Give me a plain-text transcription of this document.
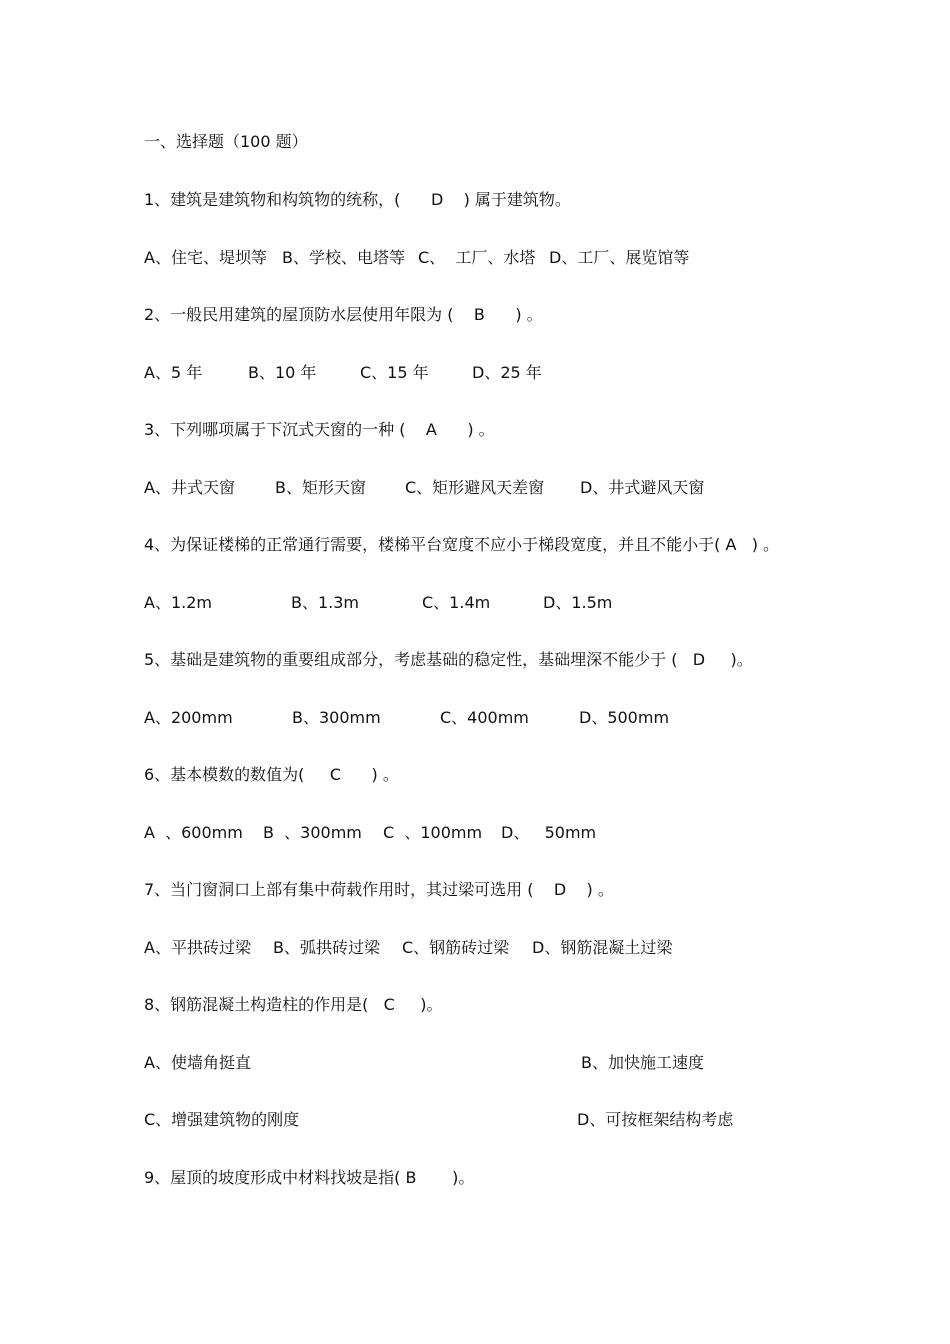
一、选择题（100 题）
1、建筑是建筑物和构筑物的统称，(      D    ) 属于建筑物。
A、住宅、堤坝等 B、学校、电塔等 C、  工厂、水塔 D、工厂、展览馆等
2、一般民用建筑的屋顶防水层使用年限为 (    B      ) 。
A、5 年	B、10 年	C、15 年	D、25 年
3、下列哪项属于下沉式天窗的一种 (    A      ) 。
A、井式天窗	B、矩形天窗 C、矩形避风天差窗 D、井式避风天窗
4、为保证楼梯的正常通行需要，楼梯平台宽度不应小于梯段宽度，并且不能小于( A   ) 。
A、1.2m	B、1.3m	C、1.4m	D、1.5m
5、基础是建筑物的重要组成部分，考虑基础的稳定性，基础埋深不能少于 (   D     )。
A、200mm	B、300mm	C、400mm	D、500mm
6、基本模数的数值为(     C      ) 。
A  、600mm B  、300mm C  、100mm D、   50mm
7、当门窗洞口上部有集中荷载作用时，其过梁可选用 (    D    ) 。
A、平拱砖过梁 B、弧拱砖过梁 C、钢筋砖过梁 D、钢筋混凝土过梁
8、钢筋混凝土构造柱的作用是(   C     )。
A、使墙角挺直	B、加快施工速度
C、增强建筑物的刚度	D、可按框架结构考虑
9、屋顶的坡度形成中材料找坡是指( B       )。
